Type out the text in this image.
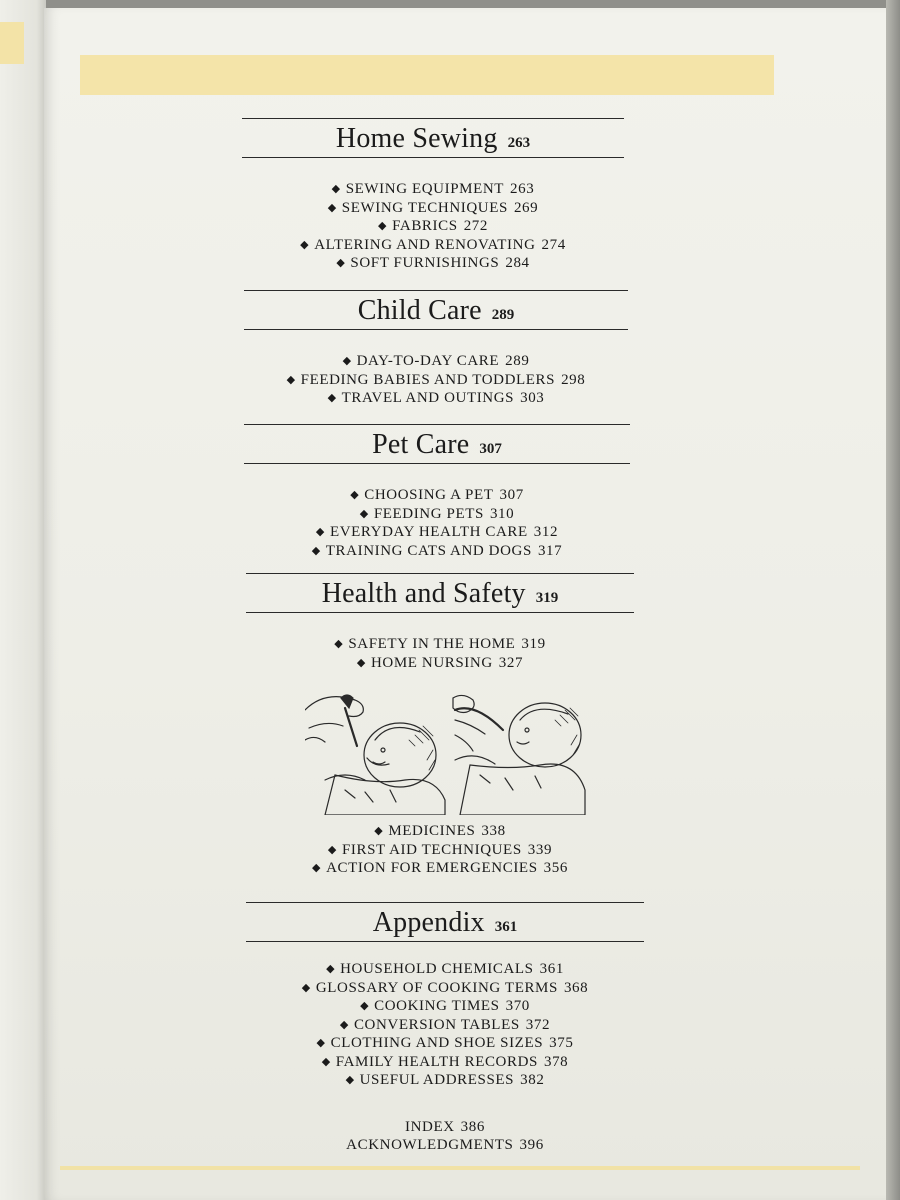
Home Sewing 263
◆ SEWING EQUIPMENT 263
◆ SEWING TECHNIQUES 269
◆ FABRICS 272
◆ ALTERING AND RENOVATING 274
◆ SOFT FURNISHINGS 284
Child Care 289
◆ DAY-TO-DAY CARE 289
◆ FEEDING BABIES AND TODDLERS 298
◆ TRAVEL AND OUTINGS 303
Pet Care 307
◆ CHOOSING A PET 307
◆ FEEDING PETS 310
◆ EVERYDAY HEALTH CARE 312
◆ TRAINING CATS AND DOGS 317
Health and Safety 319
◆ SAFETY IN THE HOME 319
◆ HOME NURSING 327
◆ MEDICINES 338
◆ FIRST AID TECHNIQUES 339
◆ ACTION FOR EMERGENCIES 356
Appendix 361
◆ HOUSEHOLD CHEMICALS 361
◆ GLOSSARY OF COOKING TERMS 368
◆ COOKING TIMES 370
◆ CONVERSION TABLES 372
◆ CLOTHING AND SHOE SIZES 375
◆ FAMILY HEALTH RECORDS 378
◆ USEFUL ADDRESSES 382
INDEX 386
ACKNOWLEDGMENTS 396
